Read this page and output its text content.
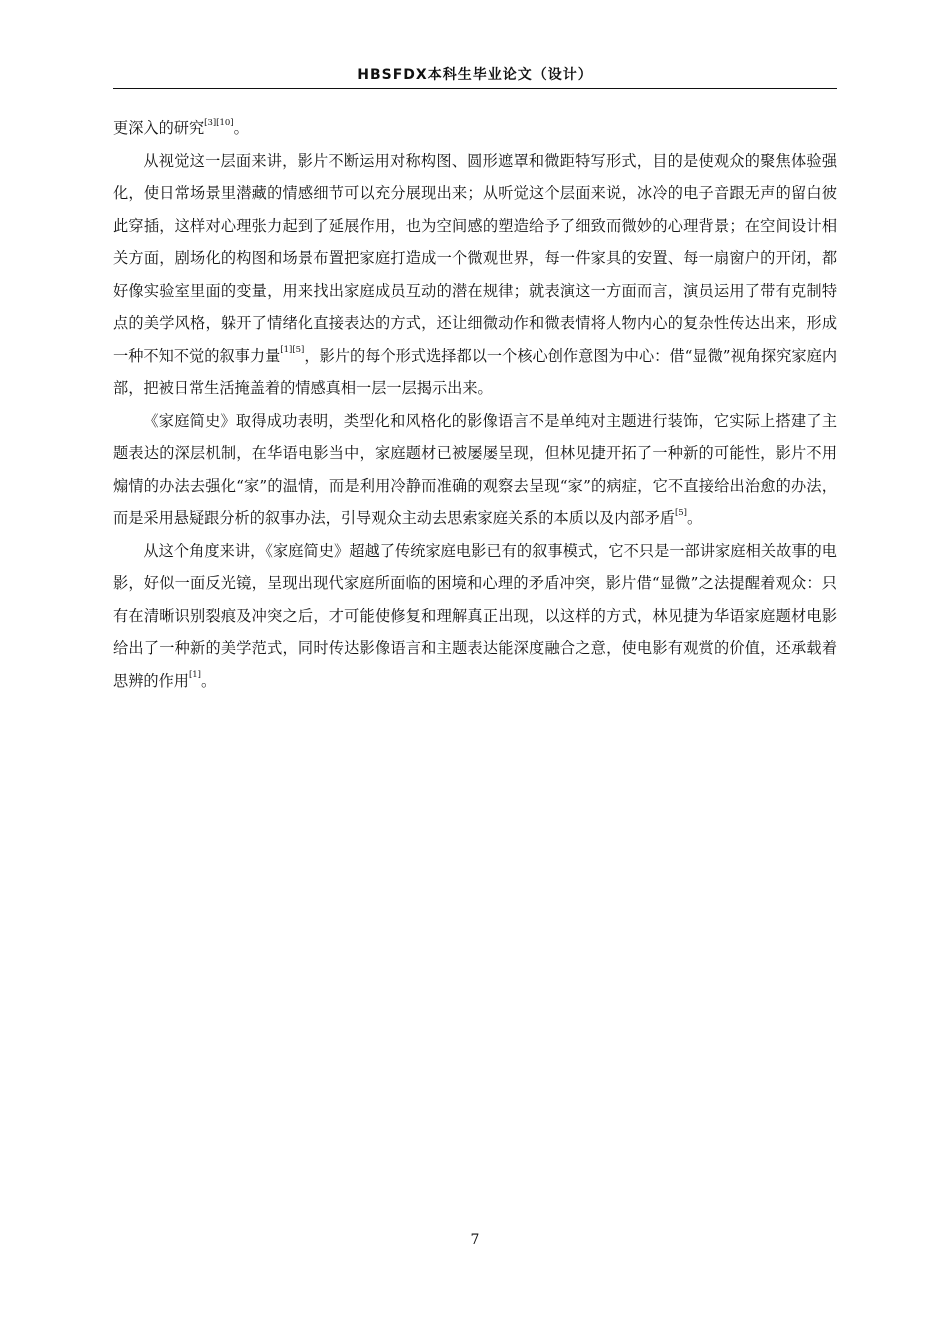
HBSFDX本科生毕业论文（设计）

更深入的研究[3][10]。

从视觉这一层面来讲，影片不断运用对称构图、圆形遮罩和微距特写形式，目的是使观众的聚焦体验强化，使日常场景里潜藏的情感细节可以充分展现出来；从听觉这个层面来说，冰冷的电子音跟无声的留白彼此穿插，这样对心理张力起到了延展作用，也为空间感的塑造给予了细致而微妙的心理背景；在空间设计相关方面，剧场化的构图和场景布置把家庭打造成一个微观世界，每一件家具的安置、每一扇窗户的开闭，都好像实验室里面的变量，用来找出家庭成员互动的潜在规律；就表演这一方面而言，演员运用了带有克制特点的美学风格，躲开了情绪化直接表达的方式，还让细微动作和微表情将人物内心的复杂性传达出来，形成一种不知不觉的叙事力量[1][5]，影片的每个形式选择都以一个核心创作意图为中心：借“显微”视角探究家庭内部，把被日常生活掩盖着的情感真相一层一层揭示出来。

《家庭简史》取得成功表明，类型化和风格化的影像语言不是单纯对主题进行装饰，它实际上搭建了主题表达的深层机制，在华语电影当中，家庭题材已被屡屡呈现，但林见捷开拓了一种新的可能性，影片不用煽情的办法去强化“家”的温情，而是利用冷静而准确的观察去呈现“家”的病症，它不直接给出治愈的办法，而是采用悬疑跟分析的叙事办法，引导观众主动去思索家庭关系的本质以及内部矛盾[5]。

从这个角度来讲，《家庭简史》超越了传统家庭电影已有的叙事模式，它不只是一部讲家庭相关故事的电影，好似一面反光镜，呈现出现代家庭所面临的困境和心理的矛盾冲突，影片借“显微”之法提醒着观众：只有在清晰识别裂痕及冲突之后，才可能使修复和理解真正出现，以这样的方式，林见捷为华语家庭题材电影给出了一种新的美学范式，同时传达影像语言和主题表达能深度融合之意，使电影有观赏的价值，还承载着思辨的作用[1]。

7
